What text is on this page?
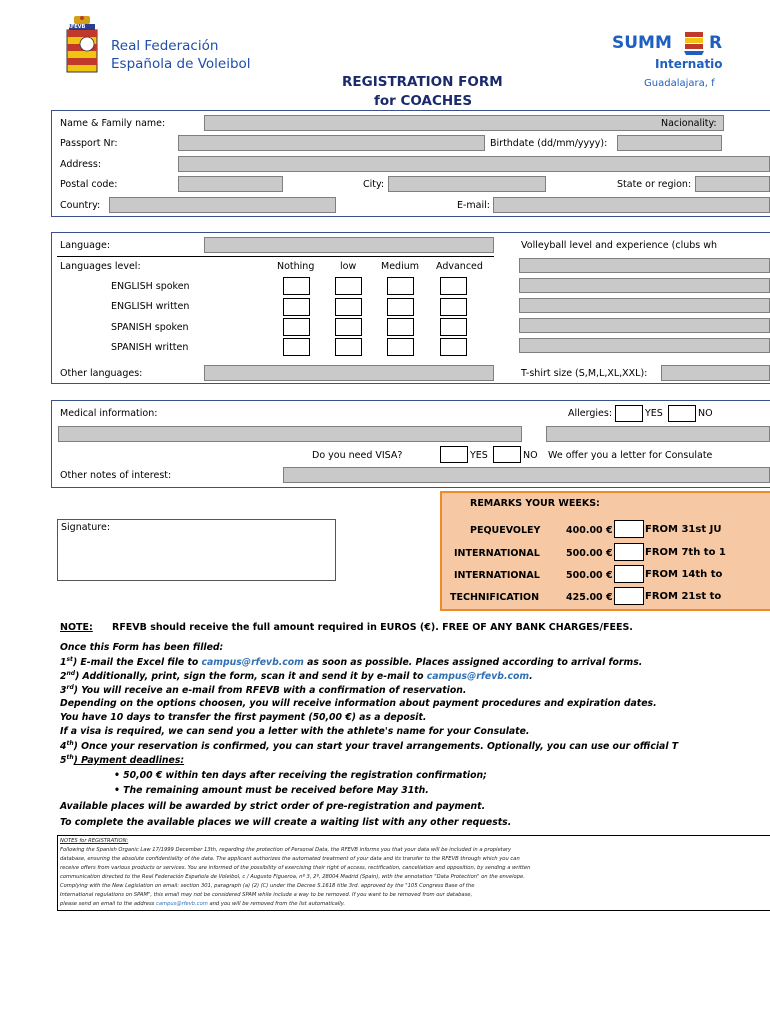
RFEVB
Real Federación
Española de Voleibol
REGISTRATION FORM
for COACHES
SUMM R
Internatio
Guadalajara, f
Name & Family name:	Nacionality:
Passport Nr:	Birthdate (dd/mm/yyyy):
Address:
Postal code:	City:	State or region:
Country:	E-mail:
Language:	Volleyball level and experience (clubs wh
Languages level:	Nothing	low	Medium Advanced
ENGLISH spoken
ENGLISH written
SPANISH spoken
SPANISH written
Other languages:	T-shirt size (S,M,L,XL,XXL):
Medical information:	Allergies:	YES	NO
Do you need VISA?	YES	NO We offer you a letter for Consulate
Other notes of interest:
Signature:
REMARKS YOUR WEEKS:
PEQUEVOLEY	400.00 €	FROM 31st JU
INTERNATIONAL	500.00 €	FROM 7th to 1
INTERNATIONAL	500.00 €	FROM 14th to
TECHNIFICATION	425.00 €	FROM 21st to
NOTE: RFEVB should receive the full amount required in EUROS (€). FREE OF ANY BANK CHARGES/FEES.
Once this Form has been filled:
1st) E-mail the Excel file to campus@rfevb.com as soon as possible. Places assigned according to arrival forms.
2nd) Additionally, print, sign the form, scan it and send it by e-mail to campus@rfevb.com.
3rd) You will receive an e-mail from RFEVB with a confirmation of reservation.
Depending on the options choosen, you will receive information about payment procedures and expiration dates.
You have 10 days to transfer the first payment (50,00 €) as a deposit.
If a visa is required, we can send you a letter with the athlete's name for your Consulate.
4th) Once your reservation is confirmed, you can start your travel arrangements. Optionally, you can use our official T
5th) Payment deadlines:
• 50,00 € within ten days after receiving the registration confirmation;
• The remaining amount must be received before May 31th.
Available places will be awarded by strict order of pre-registration and payment.
To complete the available places we will create a waiting list with any other requests.
NOTES for REGISTRATION:
Following the Spanish Organic Law 17/1999 December 13th, regarding the protection of Personal Data, the RFEVB informs you that your data will be included in a propietary
database, ensuring the absolute confidentiality of the data. The applicant authorizes the automated treatment of your data and its transfer to the RFEVB through which you can
receive offers from various products or services. You are informed of the possibility of exercising their right of access, rectification, cancellation and opposition, by sending a written
communication directed to the Real Federación Española de Voleibol, c / Augusto Figueroa, nº 3, 2º, 28004 Madrid (Spain), with the annotation "Data Protection" on the envelope.
Complying with the New Legislation on email: section 301, paragraph (a) (2) (C) under the Decree S.1618 title 3rd. approved by the "105 Congress Base of the
International regulations on SPAM", this email may not be considered SPAM while include a way to be removed. If you want to be removed from our database,
please send an email to the address campus@rfevb.com and you will be removed from the list automatically.
